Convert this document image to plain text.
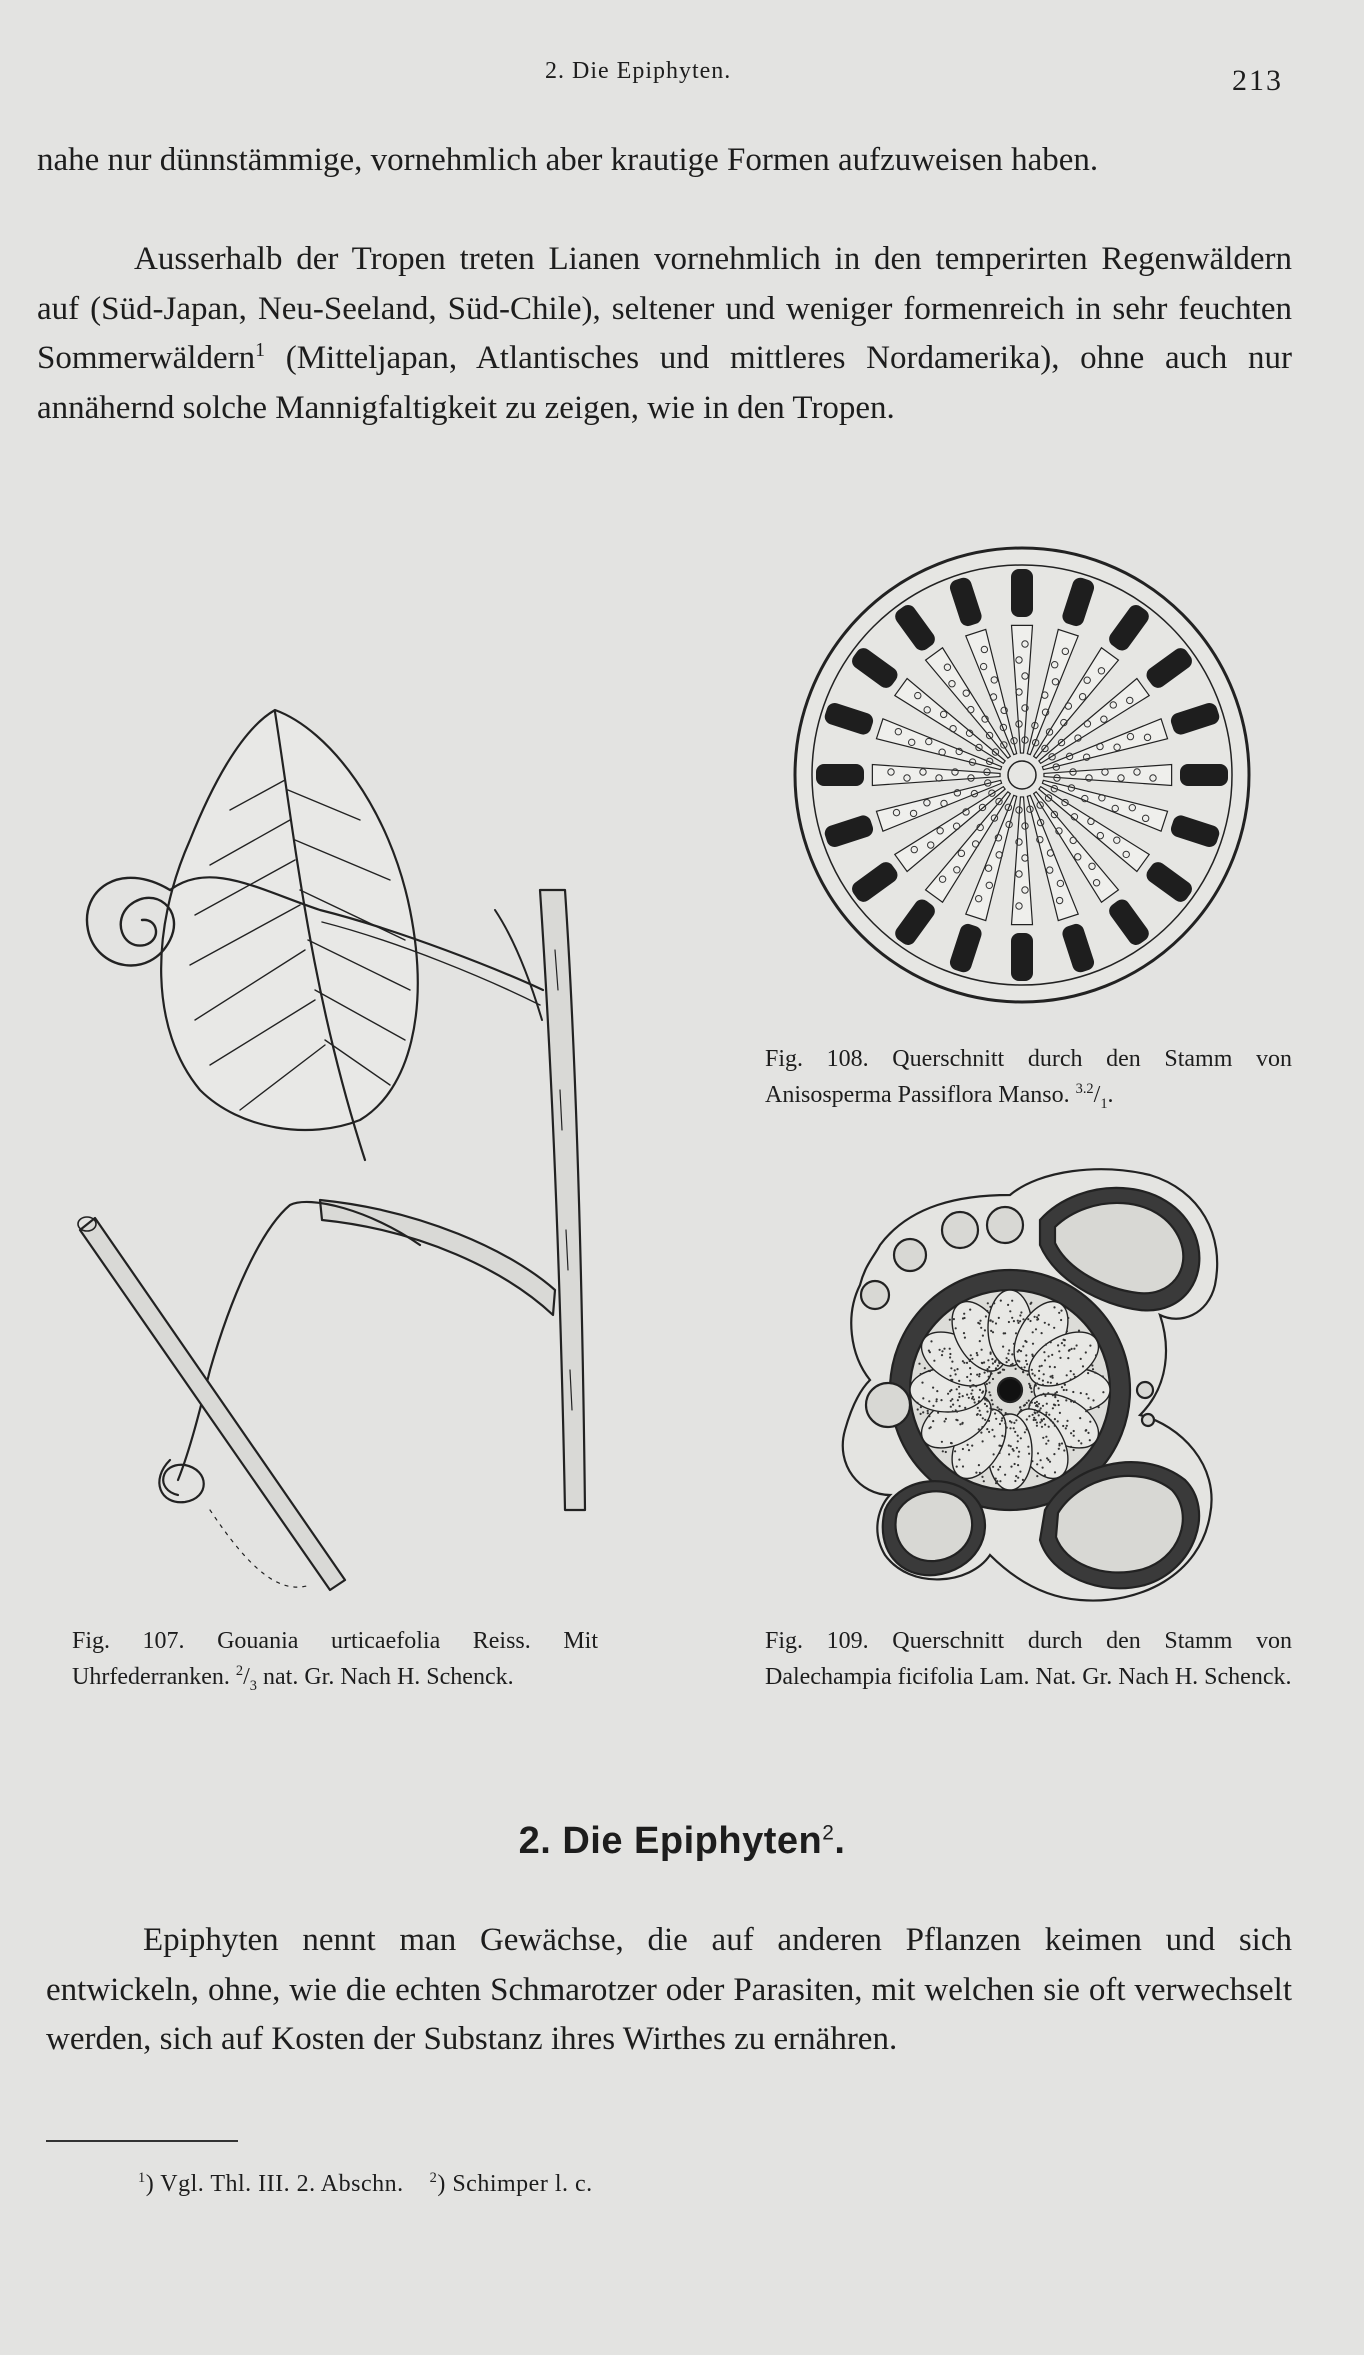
2. Die Epiphyten.	213

nahe nur dünnstämmige, vornehmlich aber krautige Formen aufzuweisen haben.

Ausserhalb der Tropen treten Lianen vornehmlich in den temperirten Regenwäldern auf (Süd-Japan, Neu-Seeland, Süd-Chile), seltener und weniger formenreich in sehr feuchten Sommerwäldern$^1$ (Mitteljapan, Atlantisches und mittleres Nordamerika), ohne auch nur annähernd solche Mannigfaltigkeit zu zeigen, wie in den Tropen.

Fig. 108. Querschnitt durch den Stamm von Anisosperma Passiflora Manso. $^{3.2}/_1$.
Fig. 107. Gouania urticaefolia Reiss. Mit Uhrfederranken. $^2/_3$ nat. Gr. Nach H. Schenck.
Fig. 109. Querschnitt durch den Stamm von Dalechampia ficifolia Lam. Nat. Gr. Nach H. Schenck.
2. Die Epiphyten$^2$.

Epiphyten nennt man Gewächse, die auf anderen Pflanzen keimen und sich entwickeln, ohne, wie die echten Schmarotzer oder Parasiten, mit welchen sie oft verwechselt werden, sich auf Kosten der Substanz ihres Wirthes zu ernähren.

$^1$) Vgl. Thl. III. 2. Abschn. $^2$) Schimper l. c.
